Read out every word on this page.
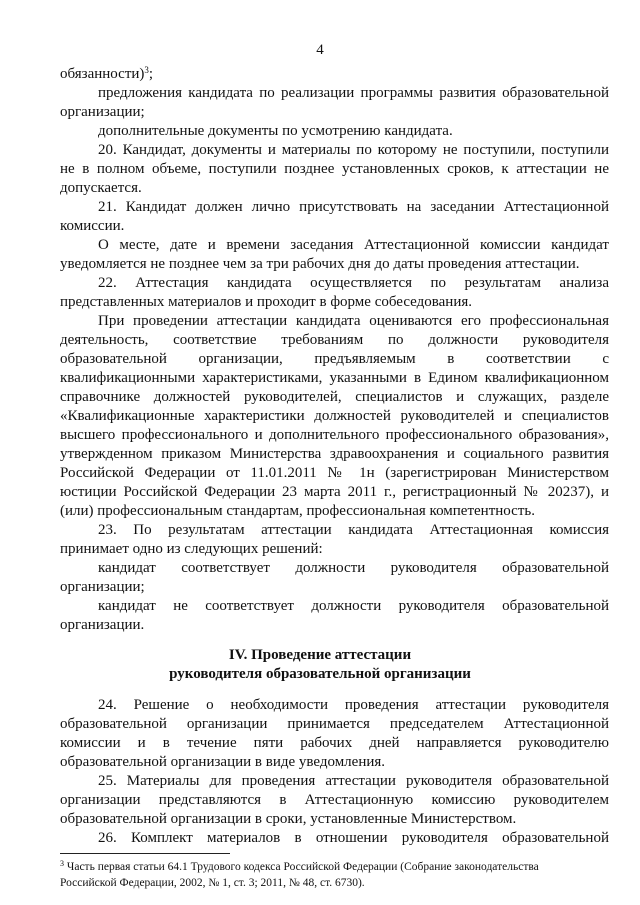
4
обязанности)$^3$;
предложения кандидата по реализации программы развития образовательной
организации;
дополнительные документы по усмотрению кандидата.
20. Кандидат, документы и материалы по которому не поступили, поступили
не в полном объеме, поступили позднее установленных сроков, к аттестации не
допускается.
21. Кандидат должен лично присутствовать на заседании Аттестационной
комиссии.
О месте, дате и времени заседания Аттестационной комиссии кандидат
уведомляется не позднее чем за три рабочих дня до даты проведения аттестации.
22. Аттестация кандидата осуществляется по результатам анализа
представленных материалов и проходит в форме собеседования.
При проведении аттестации кандидата оцениваются его профессиональная
деятельность, соответствие требованиям по должности руководителя
образовательной организации, предъявляемым в соответствии с
квалификационными характеристиками, указанными в Едином квалификационном
справочнике должностей руководителей, специалистов и служащих, разделе
«Квалификационные характеристики должностей руководителей и специалистов
высшего профессионального и дополнительного профессионального образования»,
утвержденном приказом Министерства здравоохранения и социального развития
Российской Федерации от 11.01.2011 № 1н (зарегистрирован Министерством
юстиции Российской Федерации 23 марта 2011 г., регистрационный № 20237), и
(или) профессиональным стандартам, профессиональная компетентность.
23. По результатам аттестации кандидата Аттестационная комиссия
принимает одно из следующих решений:
кандидат соответствует должности руководителя образовательной
организации;
кандидат не соответствует должности руководителя образовательной
организации.
IV. Проведение аттестации
руководителя образовательной организации
24. Решение о необходимости проведения аттестации руководителя
образовательной организации принимается председателем Аттестационной
комиссии и в течение пяти рабочих дней направляется руководителю
образовательной организации в виде уведомления.
25. Материалы для проведения аттестации руководителя образовательной
организации представляются в Аттестационную комиссию руководителем
образовательной организации в сроки, установленные Министерством.
26. Комплект материалов в отношении руководителя образовательной
$^3$ Часть первая статьи 64.1 Трудового кодекса Российской Федерации (Собрание законодательства
Российской Федерации, 2002, № 1, ст. 3; 2011, № 48, ст. 6730).
